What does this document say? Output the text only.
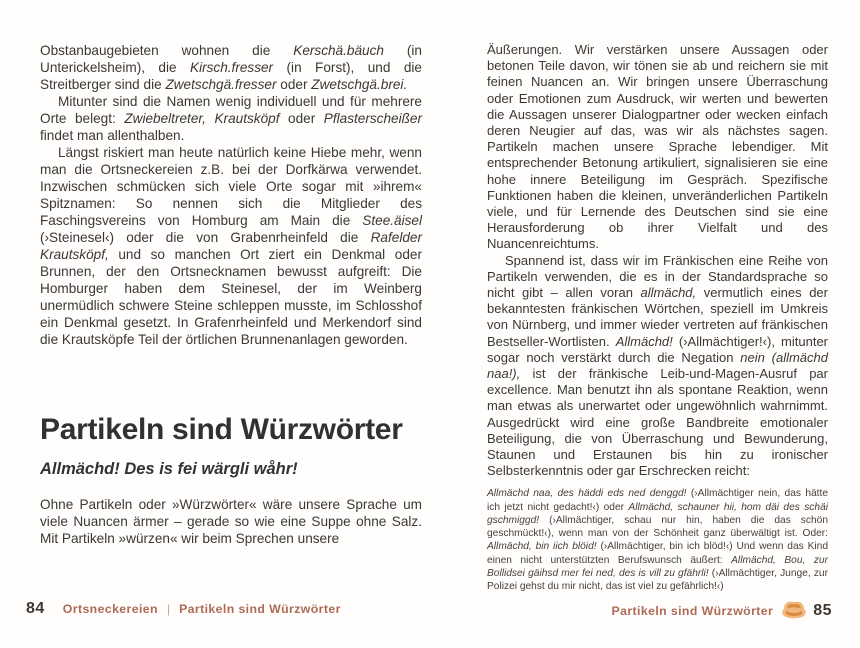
Obstanbaugebieten wohnen die Kerschä.bäuch (in Unterickelsheim), die Kirsch.fresser (in Forst), und die Streitberger sind die Zwetschgä.fresser oder Zwetschgä.brei.

Mitunter sind die Namen wenig individuell und für mehrere Orte belegt: Zwiebeltreter, Krautsköpf oder Pflasterscheißer findet man allenthalben.

Längst riskiert man heute natürlich keine Hiebe mehr, wenn man die Ortsneckereien z.B. bei der Dorfkärwa verwendet. Inzwischen schmücken sich viele Orte sogar mit »ihrem« Spitznamen: So nennen sich die Mitglieder des Faschingsvereins von Homburg am Main die Stee.äisel (›Steinesel‹) oder die von Grabenrheinfeld die Rafelder Krautsköpf, und so manchen Ort ziert ein Denkmal oder Brunnen, der den Ortsnecknamen bewusst aufgreift: Die Homburger haben dem Steinesel, der im Weinberg unermüdlich schwere Steine schleppen musste, im Schlosshof ein Denkmal gesetzt. In Grafenrheinfeld und Merkendorf sind die Krautsköpfe Teil der örtlichen Brunnenanlagen geworden.

Partikeln sind Würzwörter

Allmächd! Des is fei wärgli wåhr!

Ohne Partikeln oder »Würzwörter« wäre unsere Sprache um viele Nuancen ärmer – gerade so wie eine Suppe ohne Salz. Mit Partikeln »würzen« wir beim Sprechen unsere

Äußerungen. Wir verstärken unsere Aussagen oder betonen Teile davon, wir tönen sie ab und reichern sie mit feinen Nuancen an. Wir bringen unsere Überraschung oder Emotionen zum Ausdruck, wir werten und bewerten die Aussagen unserer Dialogpartner oder wecken einfach deren Neugier auf das, was wir als nächstes sagen. Partikeln machen unsere Sprache lebendiger. Mit entsprechender Betonung artikuliert, signalisieren sie eine hohe innere Beteiligung im Gespräch. Spezifische Funktionen haben die kleinen, unveränderlichen Partikeln viele, und für Lernende des Deutschen sind sie eine Herausforderung ob ihrer Vielfalt und des Nuancenreichtums.

Spannend ist, dass wir im Fränkischen eine Reihe von Partikeln verwenden, die es in der Standardsprache so nicht gibt – allen voran allmächd, vermutlich eines der bekanntesten fränkischen Wörtchen, speziell im Umkreis von Nürnberg, und immer wieder vertreten auf fränkischen Bestseller-Wortlisten. Allmächd! (›Allmächtiger!‹), mitunter sogar noch verstärkt durch die Negation nein (allmächd naa!), ist der fränkische Leib-und-Magen-Ausruf par excellence. Man benutzt ihn als spontane Reaktion, wenn man etwas als unerwartet oder ungewöhnlich wahrnimmt. Ausgedrückt wird eine große Bandbreite emotionaler Beteiligung, die von Überraschung und Bewunderung, Staunen und Erstaunen bis hin zu ironischer Selbsterkenntnis oder gar Erschrecken reicht:

Allmächd naa, des häddi eds ned denggd! (›Allmächtiger nein, das hätte ich jetzt nicht gedacht!‹) oder Allmächd, schauner hii, hom däi des schäi gschmiggd! (›Allmächtiger, schau nur hin, haben die das schön geschmückt!‹), wenn man von der Schönheit ganz überwältigt ist. Oder: Allmächd, bin iich blöid! (›Allmächtiger, bin ich blöd!‹) Und wenn das Kind einen nicht unterstützten Berufswunsch äußert: Allmächd, Bou, zur Bollidsei gäihsd mer fei ned, des is vill zu gfährli! (›Allmächtiger, Junge, zur Polizei gehst du mir nicht, das ist viel zu gefährlich!‹)

84 Ortsneckereien | Partikeln sind Würzwörter	Partikeln sind Würzwörter	85
